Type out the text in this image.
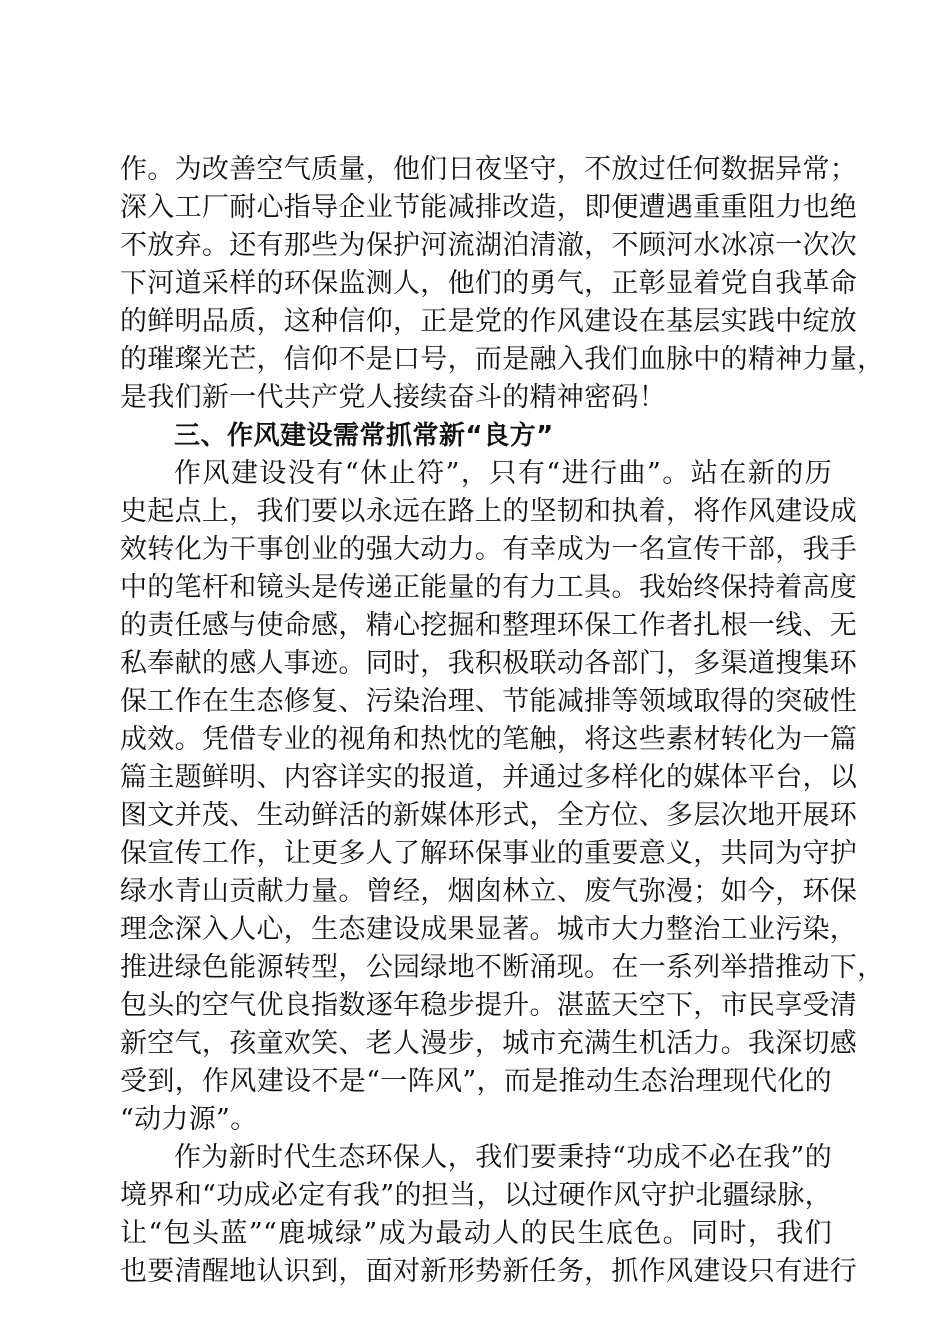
作。为改善空气质量，他们日夜坚守，不放过任何数据异常；
深入工厂耐心指导企业节能减排改造，即便遭遇重重阻力也绝
不放弃。还有那些为保护河流湖泊清澈，不顾河水冰凉一次次
下河道采样的环保监测人，他们的勇气，正彰显着党自我革命
的鲜明品质，这种信仰，正是党的作风建设在基层实践中绽放
的璀璨光芒，信仰不是口号，而是融入我们血脉中的精神力量，
是我们新一代共产党人接续奋斗的精神密码！
三、作风建设需常抓常新“良方”
作风建设没有“休止符”，只有“进行曲”。站在新的历
史起点上，我们要以永远在路上的坚韧和执着，将作风建设成
效转化为干事创业的强大动力。有幸成为一名宣传干部，我手
中的笔杆和镜头是传递正能量的有力工具。我始终保持着高度
的责任感与使命感，精心挖掘和整理环保工作者扎根一线、无
私奉献的感人事迹。同时，我积极联动各部门，多渠道搜集环
保工作在生态修复、污染治理、节能减排等领域取得的突破性
成效。凭借专业的视角和热忱的笔触，将这些素材转化为一篇
篇主题鲜明、内容详实的报道，并通过多样化的媒体平台，以
图文并茂、生动鲜活的新媒体形式，全方位、多层次地开展环
保宣传工作，让更多人了解环保事业的重要意义，共同为守护
绿水青山贡献力量。曾经，烟囱林立、废气弥漫；如今，环保
理念深入人心，生态建设成果显著。城市大力整治工业污染，
推进绿色能源转型，公园绿地不断涌现。在一系列举措推动下，
包头的空气优良指数逐年稳步提升。湛蓝天空下，市民享受清
新空气，孩童欢笑、老人漫步，城市充满生机活力。我深切感
受到，作风建设不是“一阵风”，而是推动生态治理现代化的
“动力源”。
作为新时代生态环保人，我们要秉持“功成不必在我”的
境界和“功成必定有我”的担当，以过硬作风守护北疆绿脉，
让“包头蓝”“鹿城绿”成为最动人的民生底色。同时，我们
也要清醒地认识到，面对新形势新任务，抓作风建设只有进行
